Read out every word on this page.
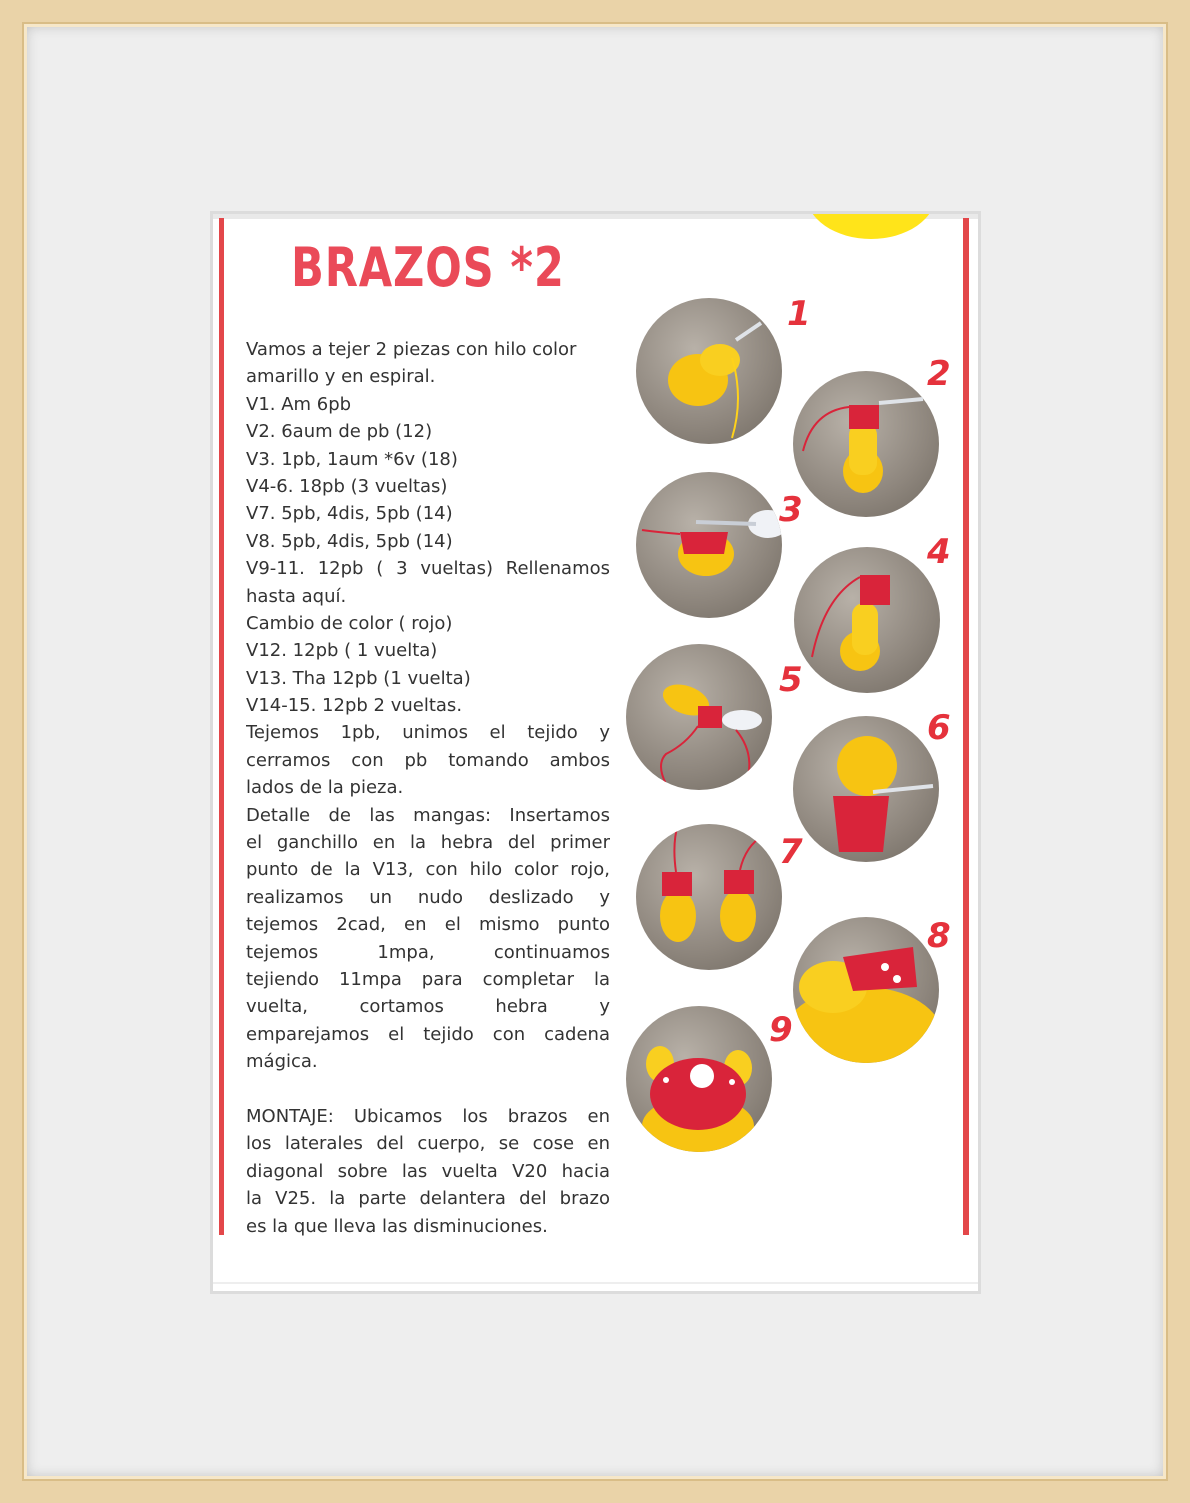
BRAZOS *2
Vamos a tejer 2 piezas con hilo color
amarillo y en espiral.
V1. Am 6pb
V2. 6aum de pb (12)
V3. 1pb, 1aum *6v (18)
V4-6. 18pb (3 vueltas)
V7. 5pb, 4dis, 5pb (14)
V8. 5pb, 4dis, 5pb (14)
V9-11. 12pb ( 3 vueltas) Rellenamos
hasta aquí.
Cambio de color ( rojo)
V12. 12pb ( 1 vuelta)
V13. Tha 12pb (1 vuelta)
V14-15. 12pb 2 vueltas.
Tejemos 1pb, unimos el tejido y
cerramos con pb tomando ambos
lados de la pieza.
Detalle de las mangas: Insertamos
el ganchillo en la hebra del primer
punto de la V13, con hilo color rojo,
realizamos un nudo deslizado y
tejemos 2cad, en el mismo punto
tejemos 1mpa, continuamos
tejiendo 11mpa para completar la
vuelta, cortamos hebra y
emparejamos el tejido con cadena
mágica.
MONTAJE: Ubicamos los brazos en
los laterales del cuerpo, se cose en
diagonal sobre las vuelta V20 hacia
la V25. la parte delantera del brazo
es la que lleva las disminuciones.
1
2
3
4
5
6
7
8
9
